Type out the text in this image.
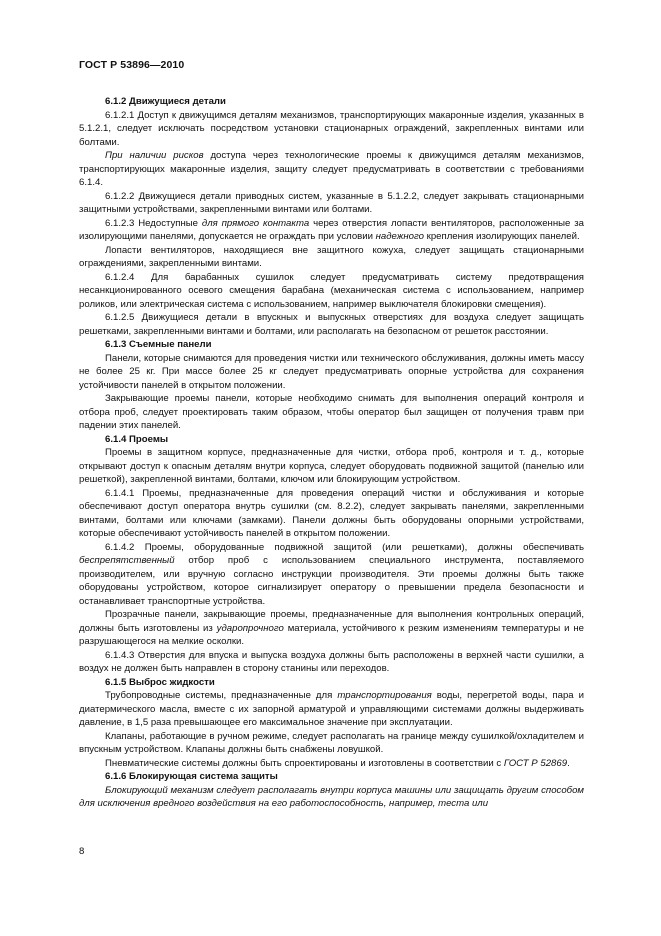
ГОСТ Р 53896—2010

6.1.2 Движущиеся детали

6.1.2.1 Доступ к движущимся деталям механизмов, транспортирующих макаронные изделия, указанных в 5.1.2.1, следует исключать посредством установки стационарных ограждений, закрепленных винтами или болтами.

При наличии рисков доступа через технологические проемы к движущимся деталям механизмов, транспортирующих макаронные изделия, защиту следует предусматривать в соответствии с требованиями 6.1.4.

6.1.2.2 Движущиеся детали приводных систем, указанные в 5.1.2.2, следует закрывать стационарными защитными устройствами, закрепленными винтами или болтами.

6.1.2.3 Недоступные для прямого контакта через отверстия лопасти вентиляторов, расположенные за изолирующими панелями, допускается не ограждать при условии надежного крепления изолирующих панелей.

Лопасти вентиляторов, находящиеся вне защитного кожуха, следует защищать стационарными ограждениями, закрепленными винтами.

6.1.2.4 Для барабанных сушилок следует предусматривать систему предотвращения несанкционированного осевого смещения барабана (механическая система с использованием, например роликов, или электрическая система с использованием, например выключателя блокировки смещения).

6.1.2.5 Движущиеся детали в впускных и выпускных отверстиях для воздуха следует защищать решетками, закрепленными винтами и болтами, или располагать на безопасном от решеток расстоянии.

6.1.3 Съемные панели

Панели, которые снимаются для проведения чистки или технического обслуживания, должны иметь массу не более 25 кг. При массе более 25 кг следует предусматривать опорные устройства для сохранения устойчивости панелей в открытом положении.

Закрывающие проемы панели, которые необходимо снимать для выполнения операций контроля и отбора проб, следует проектировать таким образом, чтобы оператор был защищен от получения травм при падении этих панелей.

6.1.4 Проемы

Проемы в защитном корпусе, предназначенные для чистки, отбора проб, контроля и т. д., которые открывают доступ к опасным деталям внутри корпуса, следует оборудовать подвижной защитой (панелью или решеткой), закрепленной винтами, болтами, ключом или блокирующим устройством.

6.1.4.1 Проемы, предназначенные для проведения операций чистки и обслуживания и которые обеспечивают доступ оператора внутрь сушилки (см. 8.2.2), следует закрывать панелями, закрепленными винтами, болтами или ключами (замками). Панели должны быть оборудованы опорными устройствами, которые обеспечивают устойчивость панелей в открытом положении.

6.1.4.2 Проемы, оборудованные подвижной защитой (или решетками), должны обеспечивать беспрепятственный отбор проб с использованием специального инструмента, поставляемого производителем, или вручную согласно инструкции производителя. Эти проемы должны быть также оборудованы устройством, которое сигнализирует оператору о превышении предела безопасности и останавливает транспортные устройства.

Прозрачные панели, закрывающие проемы, предназначенные для выполнения контрольных операций, должны быть изготовлены из ударопрочного материала, устойчивого к резким изменениям температуры и не разрушающегося на мелкие осколки.

6.1.4.3 Отверстия для впуска и выпуска воздуха должны быть расположены в верхней части сушилки, а воздух не должен быть направлен в сторону станины или переходов.

6.1.5 Выброс жидкости

Трубопроводные системы, предназначенные для транспортирования воды, перегретой воды, пара и диатермического масла, вместе с их запорной арматурой и управляющими системами должны выдерживать давление, в 1,5 раза превышающее его максимальное значение при эксплуатации.

Клапаны, работающие в ручном режиме, следует располагать на границе между сушилкой/охладителем и впускным устройством. Клапаны должны быть снабжены ловушкой.

Пневматические системы должны быть спроектированы и изготовлены в соответствии с ГОСТ Р 52869.

6.1.6 Блокирующая система защиты

Блокирующий механизм следует располагать внутри корпуса машины или защищать другим способом для исключения вредного воздействия на его работоспособность, например, теста или

8
